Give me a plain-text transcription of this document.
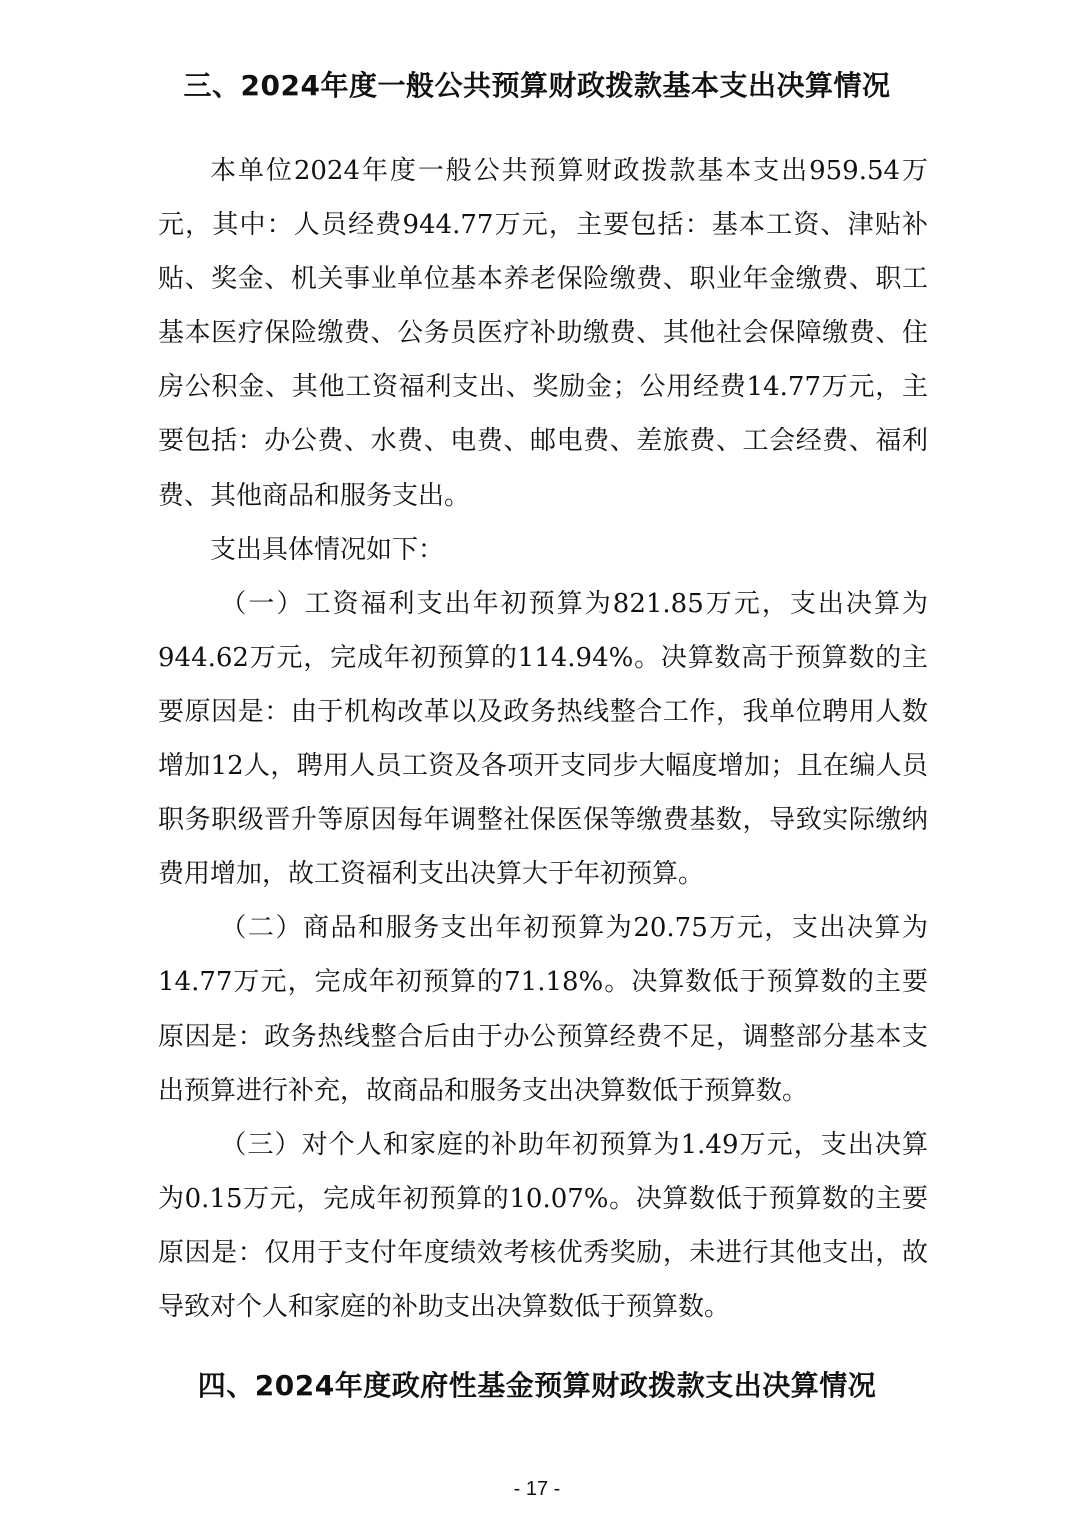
三、2024年度一般公共预算财政拨款基本支出决算情况

本单位2024年度一般公共预算财政拨款基本支出959.54万元，其中：人员经费944.77万元，主要包括：基本工资、津贴补贴、奖金、机关事业单位基本养老保险缴费、职业年金缴费、职工基本医疗保险缴费、公务员医疗补助缴费、其他社会保障缴费、住房公积金、其他工资福利支出、奖励金；公用经费14.77万元，主要包括：办公费、水费、电费、邮电费、差旅费、工会经费、福利费、其他商品和服务支出。

支出具体情况如下：

（一）工资福利支出年初预算为821.85万元，支出决算为944.62万元，完成年初预算的114.94%。决算数高于预算数的主要原因是：由于机构改革以及政务热线整合工作，我单位聘用人数增加12人，聘用人员工资及各项开支同步大幅度增加；且在编人员职务职级晋升等原因每年调整社保医保等缴费基数，导致实际缴纳费用增加，故工资福利支出决算大于年初预算。

（二）商品和服务支出年初预算为20.75万元，支出决算为14.77万元，完成年初预算的71.18%。决算数低于预算数的主要原因是：政务热线整合后由于办公预算经费不足，调整部分基本支出预算进行补充，故商品和服务支出决算数低于预算数。

（三）对个人和家庭的补助年初预算为1.49万元，支出决算为0.15万元，完成年初预算的10.07%。决算数低于预算数的主要原因是：仅用于支付年度绩效考核优秀奖励，未进行其他支出，故导致对个人和家庭的补助支出决算数低于预算数。

四、2024年度政府性基金预算财政拨款支出决算情况
- 17 -
